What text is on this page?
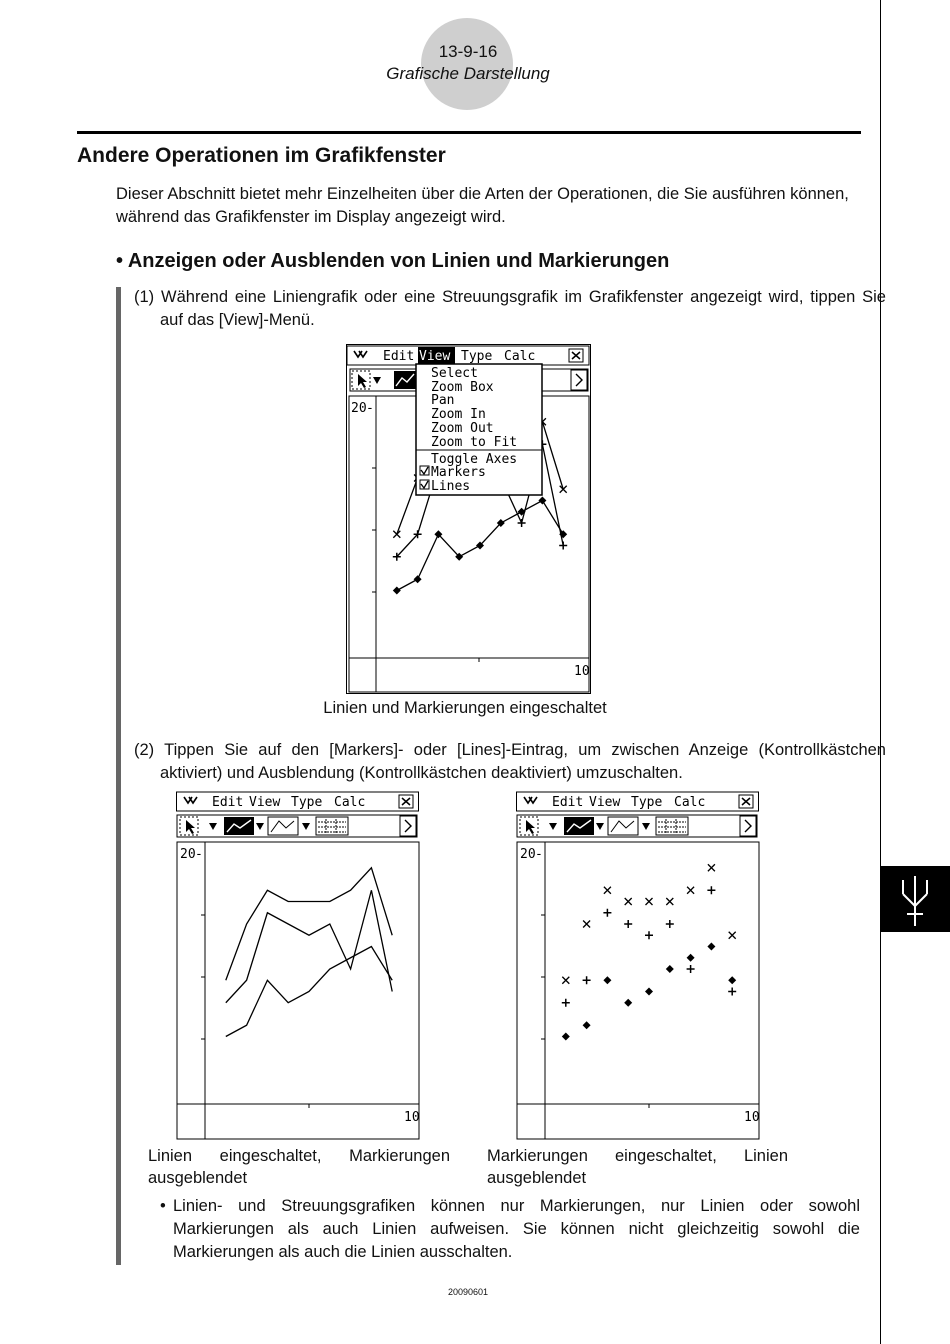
13-9-16
Grafische Darstellung
Andere Operationen im Grafikfenster
Dieser Abschnitt bietet mehr Einzelheiten über die Arten der Operationen, die Sie ausführen können, während das Grafikfenster im Display angezeigt wird.
• Anzeigen oder Ausblenden von Linien und Markierungen
(1) Während eine Liniengrafik oder eine Streuungsgrafik im Grafikfenster angezeigt wird, tippen Sie auf das [View]-Menü.
Edit View Type Calc
20 -
10
Select
Zoom Box
Pan
Zoom In
Zoom Out
Zoom to Fit
Toggle Axes
Markers
Lines
Linien und Markierungen eingeschaltet
(2) Tippen Sie auf den [Markers]- oder [Lines]-Eintrag, um zwischen Anzeige (Kontrollkästchen aktiviert) und Ausblendung (Kontrollkästchen deaktiviert) umzuschalten.
Edit View Type Calc
20 -
10
Edit View Type Calc
20 -
10
Linien eingeschaltet, Markierungen ausgeblendet
Markierungen eingeschaltet, Linien ausgeblendet
• Linien- und Streuungsgrafiken können nur Markierungen, nur Linien oder sowohl Markierungen als auch Linien aufweisen. Sie können nicht gleichzeitig sowohl die Markierungen als auch die Linien ausschalten.
20090601
